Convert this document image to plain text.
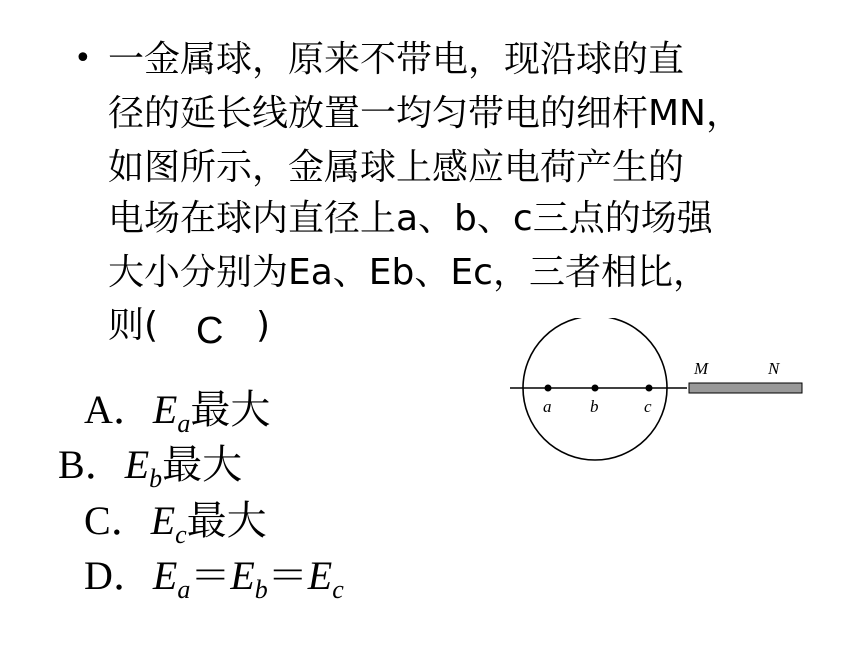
• 一金属球，原来不带电，现沿球的直
径的延长线放置一均匀带电的细杆MN，
如图所示，金属球上感应电荷产生的
电场在球内直径上a、b、c三点的场强
大小分别为Ea、Eb、Ec，三者相比，
则( C )
a b	c
M	N
A．$E_a$最大
B．$E_b$最大
C．$E_c$最大
D．$E_a=E_b=E_c$
